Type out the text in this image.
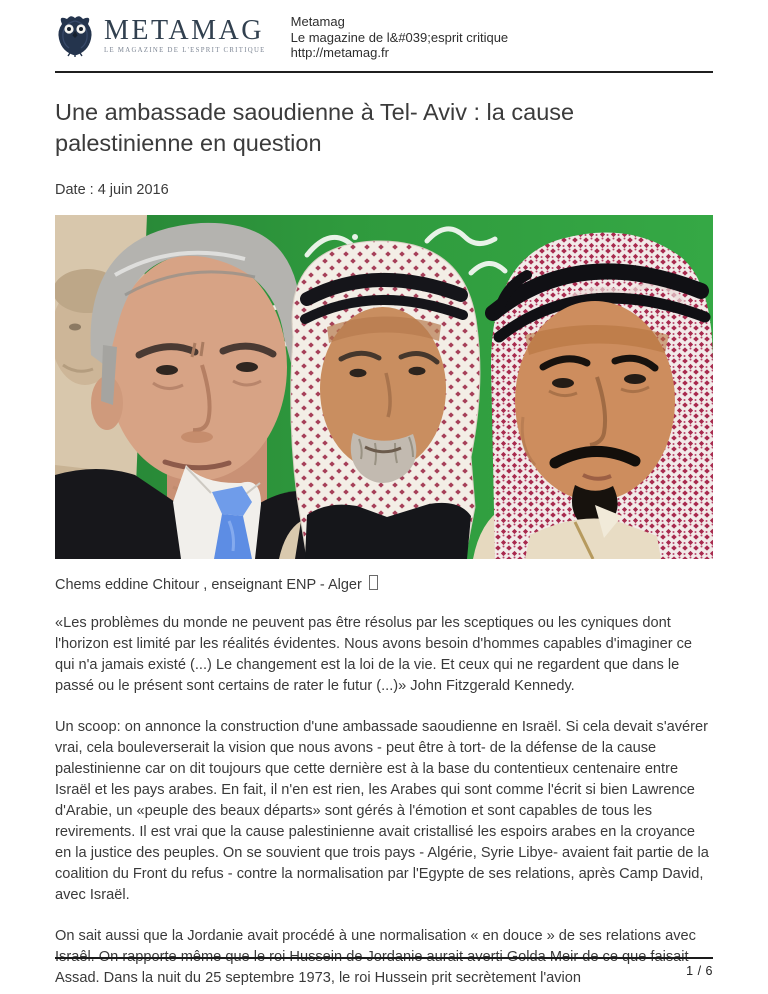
METAMAG
LE MAGAZINE DE L'ESPRIT CRITIQUE
Metamag
Le magazine de l&#039;esprit critique
http://metamag.fr
Une ambassade saoudienne à Tel- Aviv : la cause palestinienne en question
Date : 4 juin 2016
Chems eddine Chitour , enseignant ENP - Alger

«Les problèmes du monde ne peuvent pas être résolus par les sceptiques ou les cyniques dont l'horizon est limité par les réalités évidentes. Nous avons besoin d'hommes capables d'imaginer ce qui n'a jamais existé (...) Le changement est la loi de la vie. Et ceux qui ne regardent que dans le passé ou le présent sont certains de rater le futur (...)» John Fitzgerald Kennedy.

Un scoop: on annonce la construction d'une ambassade saoudienne en Israël. Si cela devait s'avérer vrai, cela bouleverserait la vision que nous avons - peut être à tort- de la défense de la cause palestinienne car on dit toujours que cette dernière est à la base du contentieux centenaire entre Israël et les pays arabes. En fait, il n'en est rien, les Arabes qui sont comme l'écrit si bien Lawrence d'Arabie, un «peuple des beaux départs» sont gérés à l'émotion et sont capables de tous les revirements. Il est vrai que la cause palestinienne avait cristallisé les espoirs arabes en la croyance en la justice des peuples. On se souvient que trois pays - Algérie, Syrie Libye- avaient fait partie de la coalition du Front du refus - contre la normalisation par l'Egypte de ses relations, après Camp David, avec Israël.

On sait aussi que la Jordanie avait procédé à une normalisation « en douce » de ses relations avec Israêl. On rapporte même que le roi Hussein de Jordanie aurait averti Golda Meir de ce que faisait Assad. Dans la nuit du 25 septembre 1973, le roi Hussein prit secrètement l'avion	1 / 6
